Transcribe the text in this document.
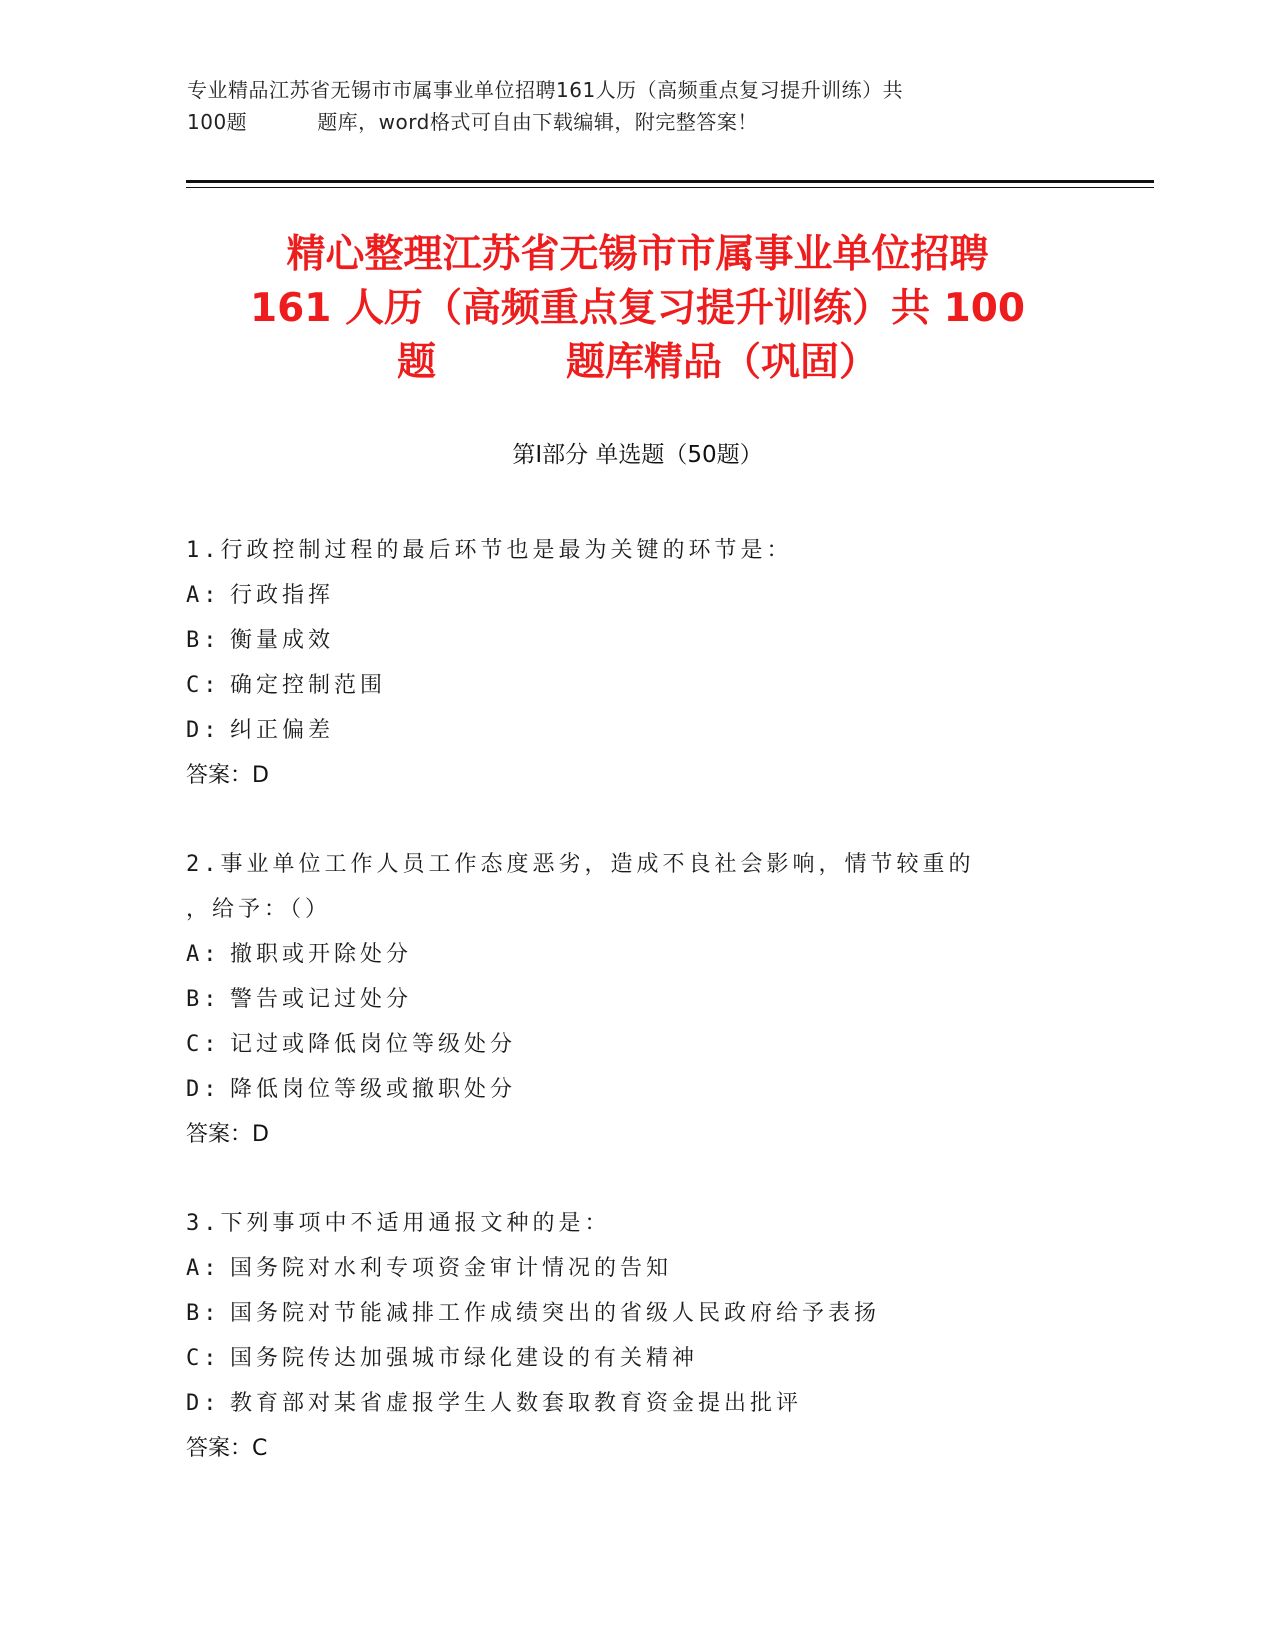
专业精品江苏省无锡市市属事业单位招聘161人历（高频重点复习提升训练）共
100题	题库，word格式可自由下载编辑，附完整答案！
精心整理江苏省无锡市市属事业单位招聘
161 人历（高频重点复习提升训练）共 100
题	题库精品（巩固）
第Ⅰ部分 单选题（50题）
1.行政控制过程的最后环节也是最为关键的环节是：
A: 行政指挥
B: 衡量成效
C: 确定控制范围
D: 纠正偏差
答案：D
2.事业单位工作人员工作态度恶劣，造成不良社会影响，情节较重的
，给予：（）
A: 撤职或开除处分
B: 警告或记过处分
C: 记过或降低岗位等级处分
D: 降低岗位等级或撤职处分
答案：D
3.下列事项中不适用通报文种的是：
A: 国务院对水利专项资金审计情况的告知
B: 国务院对节能减排工作成绩突出的省级人民政府给予表扬
C: 国务院传达加强城市绿化建设的有关精神
D: 教育部对某省虚报学生人数套取教育资金提出批评
答案：C
